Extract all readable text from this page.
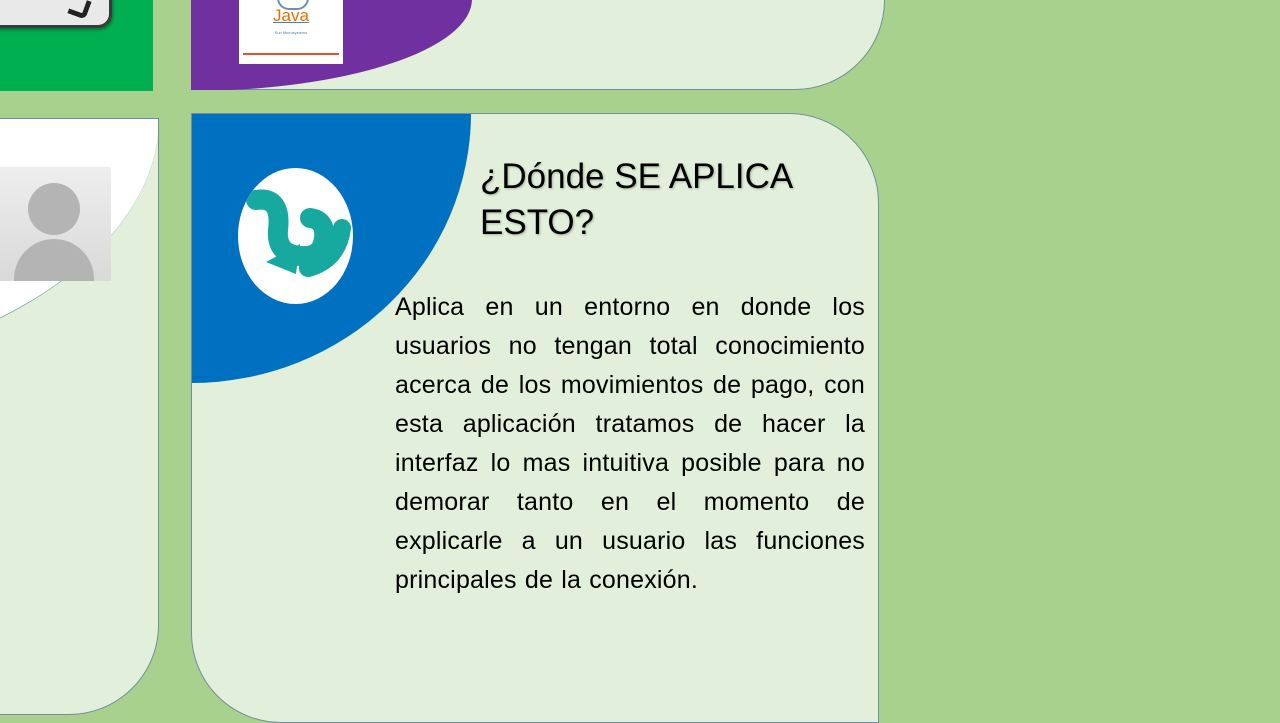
Java
Sun Microsystems
¿Dónde SE APLICA ESTO?
Aplica en un entorno en donde los usuarios no tengan total conocimiento acerca de los movimientos de pago, con esta aplicación tratamos de hacer la interfaz lo mas intuitiva posible para no demorar tanto en el momento de explicarle a un usuario las funciones principales de la conexión.
